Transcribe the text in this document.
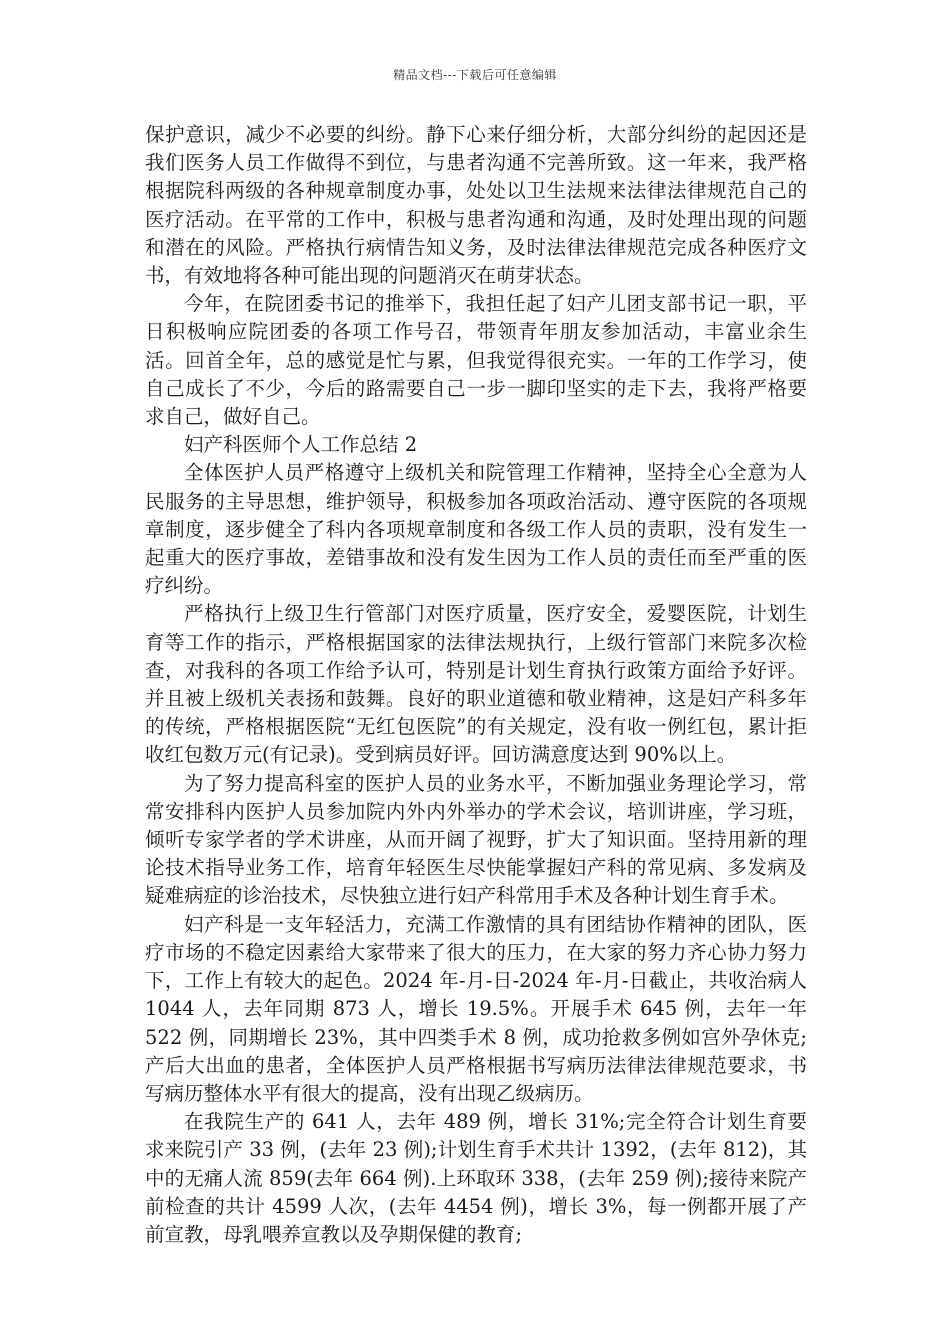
精品文档---下载后可任意编辑

保护意识，减少不必要的纠纷。静下心来仔细分析，大部分纠纷的起因还是我们医务人员工作做得不到位，与患者沟通不完善所致。这一年来，我严格根据院科两级的各种规章制度办事，处处以卫生法规来法律法律规范自己的医疗活动。在平常的工作中，积极与患者沟通和沟通，及时处理出现的问题和潜在的风险。严格执行病情告知义务，及时法律法律规范完成各种医疗文书，有效地将各种可能出现的问题消灭在萌芽状态。

今年，在院团委书记的推举下，我担任起了妇产儿团支部书记一职，平日积极响应院团委的各项工作号召，带领青年朋友参加活动，丰富业余生活。回首全年，总的感觉是忙与累，但我觉得很充实。一年的工作学习，使自己成长了不少，今后的路需要自己一步一脚印坚实的走下去，我将严格要求自己，做好自己。

妇产科医师个人工作总结 2

全体医护人员严格遵守上级机关和院管理工作精神，坚持全心全意为人民服务的主导思想，维护领导，积极参加各项政治活动、遵守医院的各项规章制度，逐步健全了科内各项规章制度和各级工作人员的责职，没有发生一起重大的医疗事故，差错事故和没有发生因为工作人员的责任而至严重的医疗纠纷。

严格执行上级卫生行管部门对医疗质量，医疗安全，爱婴医院，计划生育等工作的指示，严格根据国家的法律法规执行，上级行管部门来院多次检查，对我科的各项工作给予认可，特别是计划生育执行政策方面给予好评。并且被上级机关表扬和鼓舞。良好的职业道德和敬业精神，这是妇产科多年的传统，严格根据医院“无红包医院”的有关规定，没有收一例红包，累计拒收红包数万元(有记录)。受到病员好评。回访满意度达到 90%以上。

为了努力提高科室的医护人员的业务水平，不断加强业务理论学习，常常安排科内医护人员参加院内外内外举办的学术会议，培训讲座，学习班，倾听专家学者的学术讲座，从而开阔了视野，扩大了知识面。坚持用新的理论技术指导业务工作，培育年轻医生尽快能掌握妇产科的常见病、多发病及疑难病症的诊治技术，尽快独立进行妇产科常用手术及各种计划生育手术。

妇产科是一支年轻活力，充满工作激情的具有团结协作精神的团队，医疗市场的不稳定因素给大家带来了很大的压力，在大家的努力齐心协力努力下，工作上有较大的起色。2024 年-月-日-2024 年-月-日截止，共收治病人 1044 人，去年同期 873 人，增长 19.5%。开展手术 645 例，去年一年 522 例，同期增长 23%，其中四类手术 8 例，成功抢救多例如宫外孕休克;产后大出血的患者，全体医护人员严格根据书写病历法律法律规范要求，书写病历整体水平有很大的提高，没有出现乙级病历。

在我院生产的 641 人，去年 489 例，增长 31%;完全符合计划生育要求来院引产 33 例，(去年 23 例);计划生育手术共计 1392，(去年 812)，其中的无痛人流 859(去年 664 例).上环取环 338，(去年 259 例);接待来院产前检查的共计 4599 人次，(去年 4454 例)，增长 3%，每一例都开展了产前宣教，母乳喂养宣教以及孕期保健的教育;
